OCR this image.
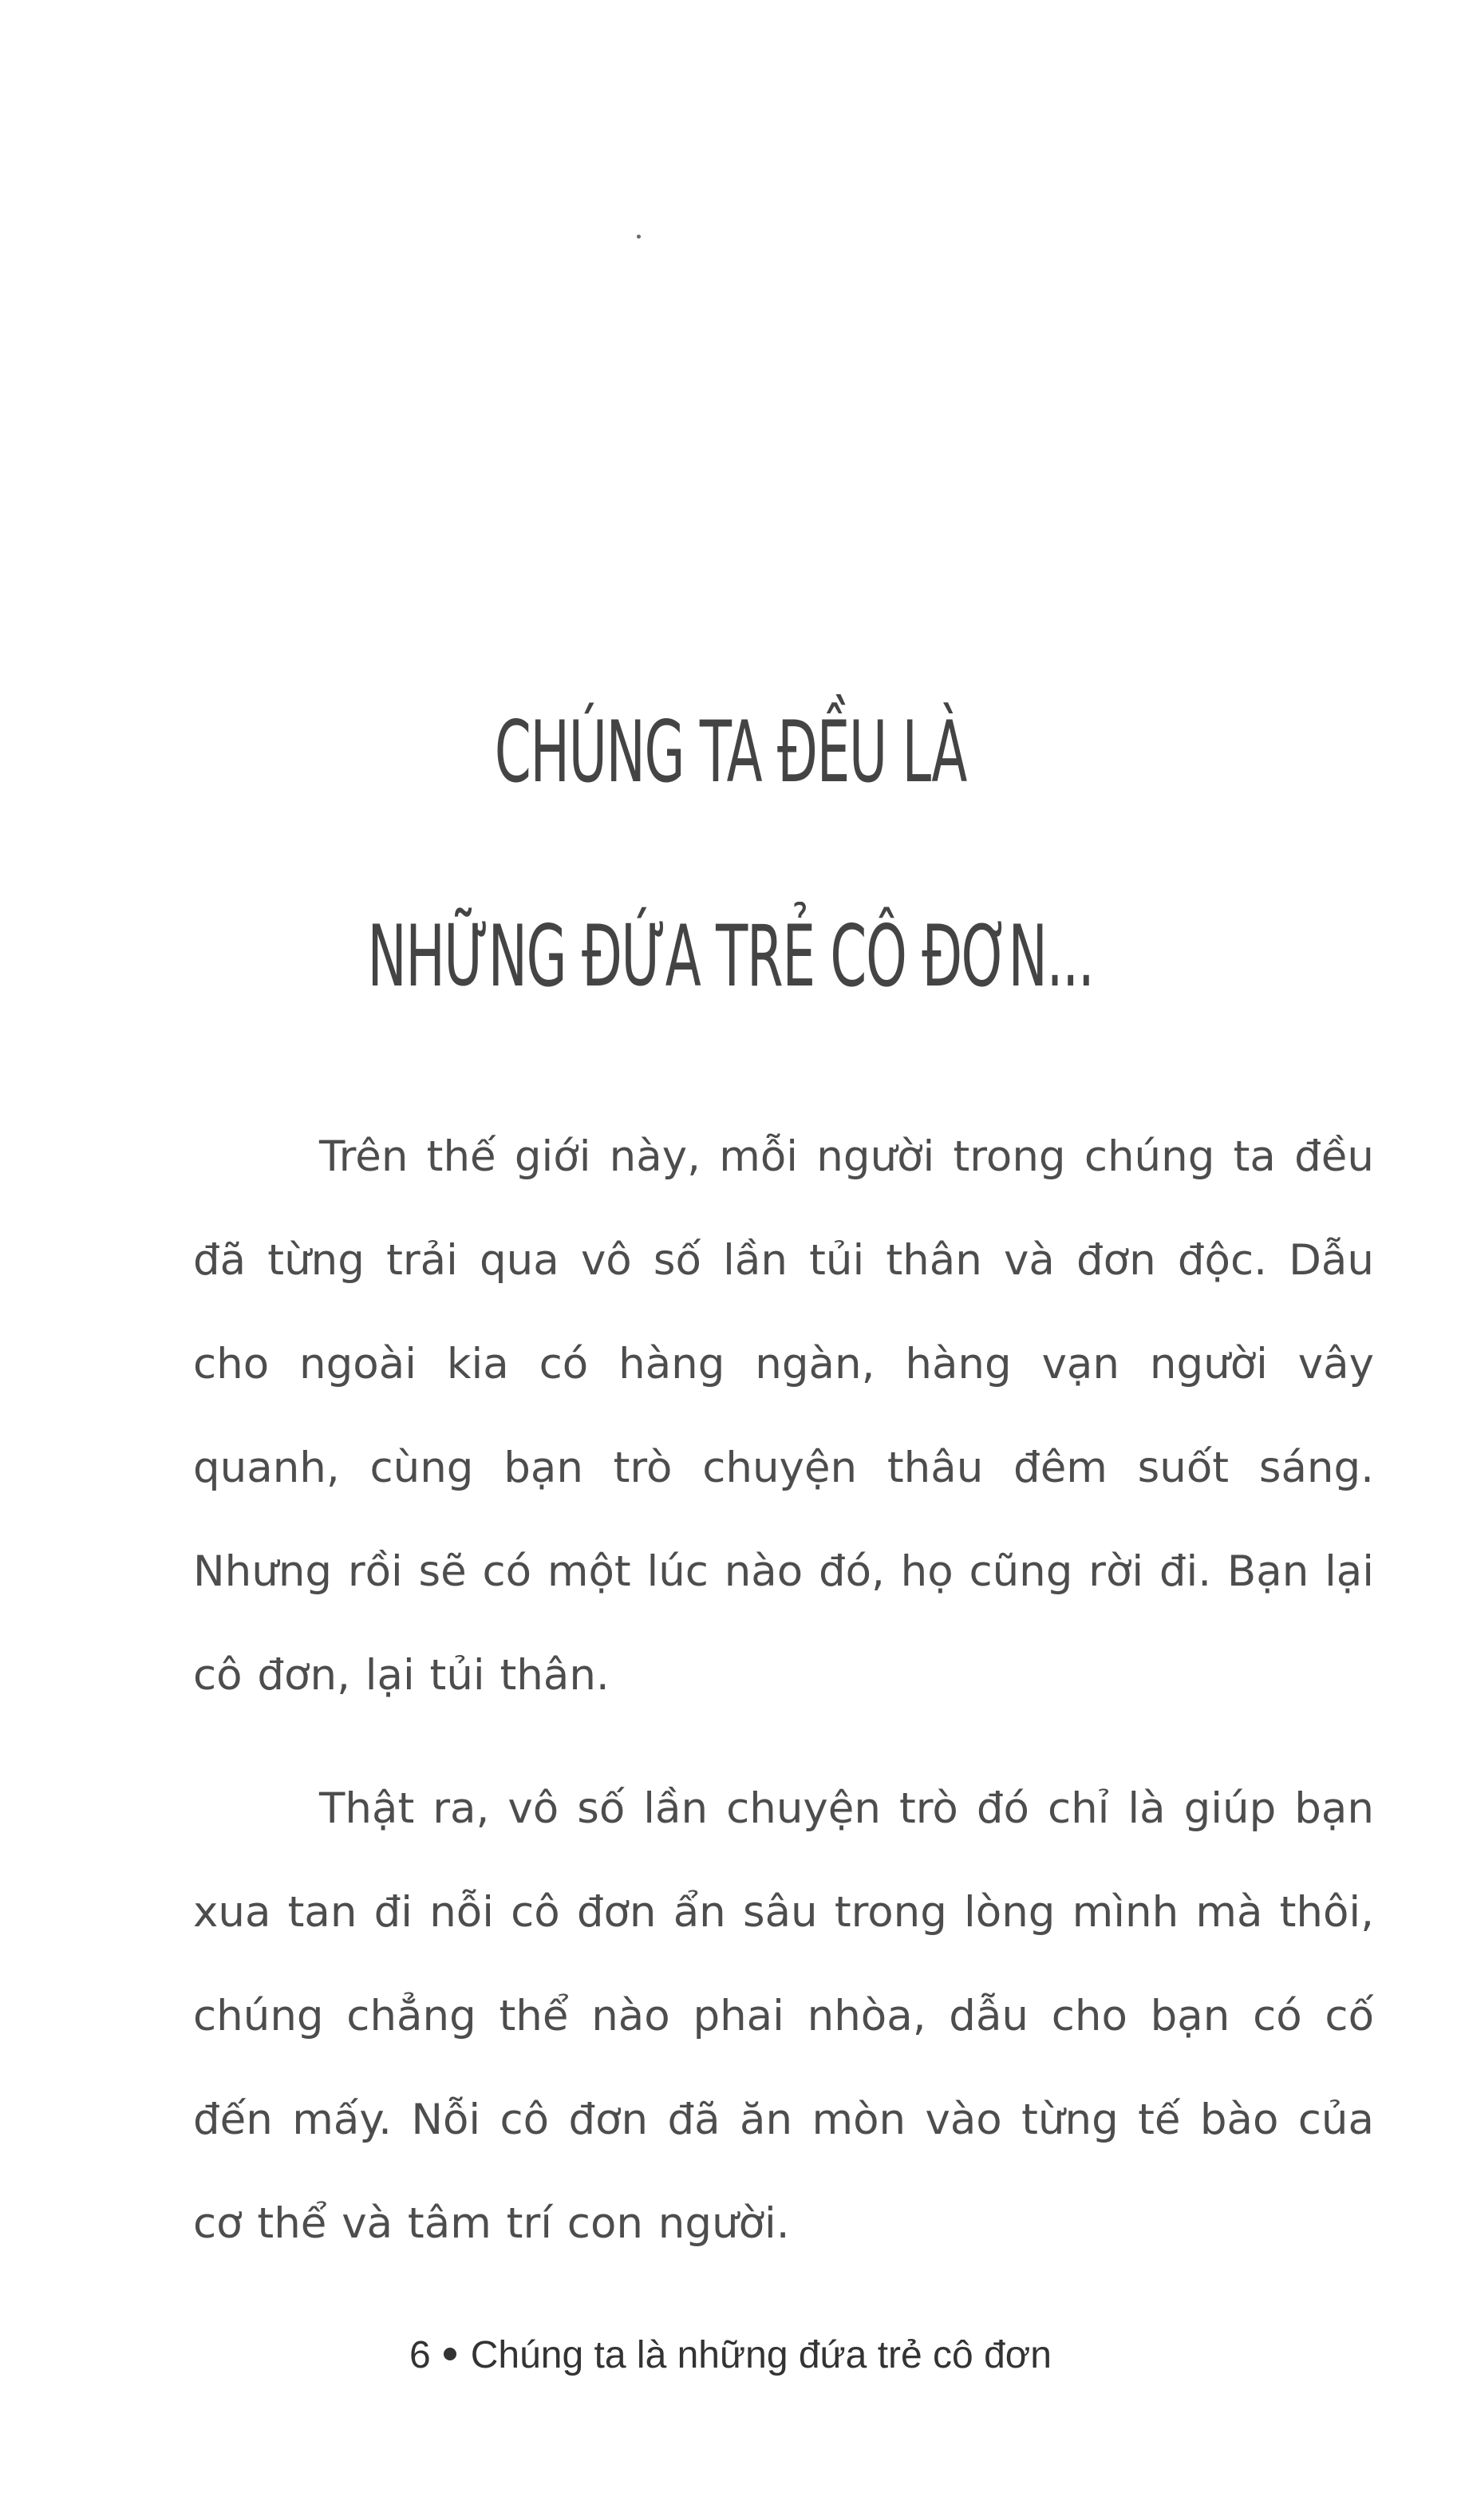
CHÚNG TA ĐỀU LÀ
NHỮNG ĐỨA TRẺ CÔ ĐƠN...

Trên thế giới này, mỗi người trong chúng ta đều đã từng trải qua vô số lần tủi thân và đơn độc. Dẫu cho ngoài kia có hàng ngàn, hàng vạn người vây quanh, cùng bạn trò chuyện thâu đêm suốt sáng. Nhưng rồi sẽ có một lúc nào đó, họ cũng rời đi. Bạn lại cô đơn, lại tủi thân.

Thật ra, vô số lần chuyện trò đó chỉ là giúp bạn xua tan đi nỗi cô đơn ẩn sâu trong lòng mình mà thôi, chúng chẳng thể nào phai nhòa, dẫu cho bạn có cố đến mấy. Nỗi cô đơn đã ăn mòn vào từng tế bào của cơ thể và tâm trí con người.

6 Chúng ta là những đứa trẻ cô đơn
